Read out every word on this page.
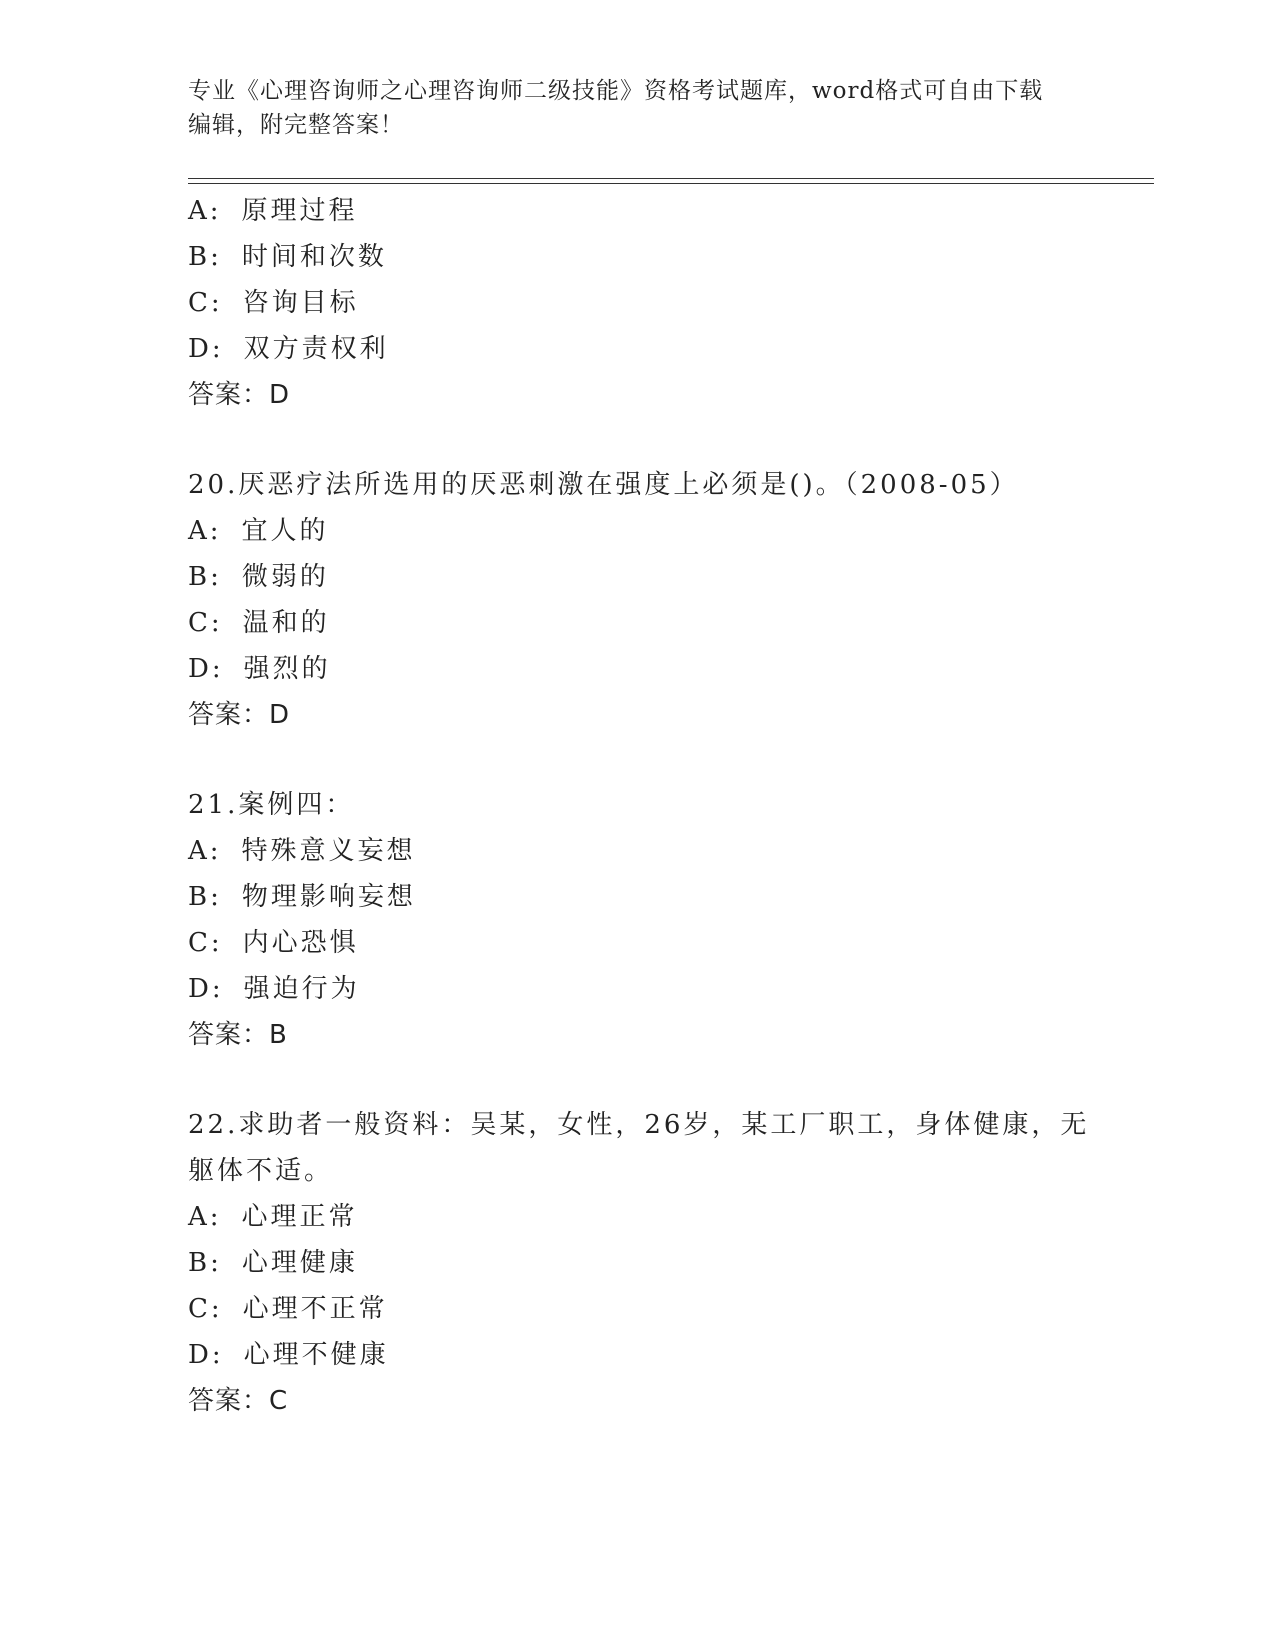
专业《心理咨询师之心理咨询师二级技能》资格考试题库，word格式可自由下载
编辑，附完整答案！
A: 原理过程
B: 时间和次数
C: 咨询目标
D: 双方责权利
答案：D
20.厌恶疗法所选用的厌恶刺激在强度上必须是()。（2008-05）
A: 宜人的
B: 微弱的
C: 温和的
D: 强烈的
答案：D
21.案例四：
A: 特殊意义妄想
B: 物理影响妄想
C: 内心恐惧
D: 强迫行为
答案：B
22.求助者一般资料：吴某，女性，26岁，某工厂职工，身体健康，无
躯体不适。
A: 心理正常
B: 心理健康
C: 心理不正常
D: 心理不健康
答案：C
